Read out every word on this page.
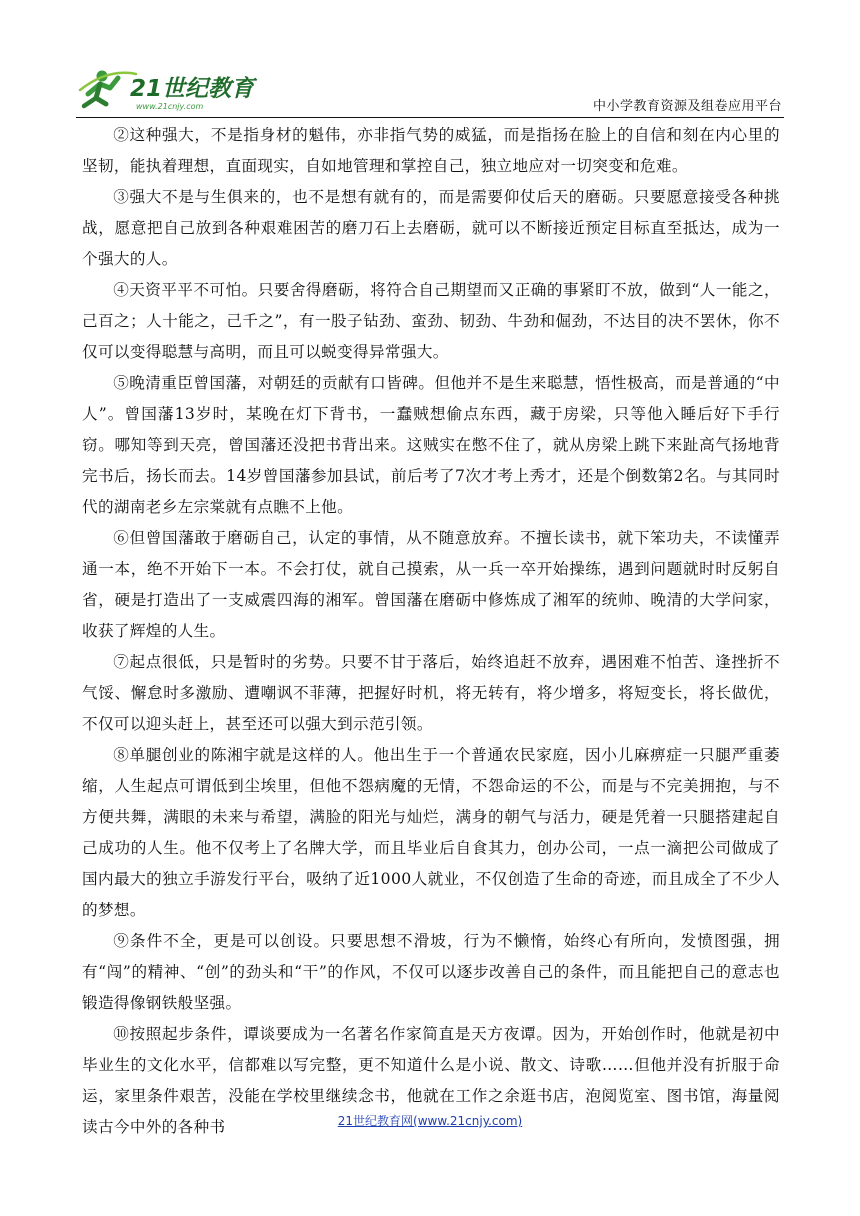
21世纪教育
www.21cnjy.com	中小学教育资源及组卷应用平台

②这种强大，不是指身材的魁伟，亦非指气势的威猛，而是指扬在脸上的自信和刻在内心里的坚韧，能执着理想，直面现实，自如地管理和掌控自己，独立地应对一切突变和危难。

③强大不是与生俱来的，也不是想有就有的，而是需要仰仗后天的磨砺。只要愿意接受各种挑战，愿意把自己放到各种艰难困苦的磨刀石上去磨砺，就可以不断接近预定目标直至抵达，成为一个强大的人。

④天资平平不可怕。只要舍得磨砺，将符合自己期望而又正确的事紧盯不放，做到“人一能之，己百之；人十能之，己千之”，有一股子钻劲、蛮劲、韧劲、牛劲和倔劲，不达目的决不罢休，你不仅可以变得聪慧与高明，而且可以蜕变得异常强大。

⑤晚清重臣曾国藩，对朝廷的贡献有口皆碑。但他并不是生来聪慧，悟性极高，而是普通的“中人”。曾国藩13岁时，某晚在灯下背书，一蠢贼想偷点东西，藏于房梁，只等他入睡后好下手行窃。哪知等到天亮，曾国藩还没把书背出来。这贼实在憋不住了，就从房梁上跳下来趾高气扬地背完书后，扬长而去。14岁曾国藩参加县试，前后考了7次才考上秀才，还是个倒数第2名。与其同时代的湖南老乡左宗棠就有点瞧不上他。

⑥但曾国藩敢于磨砺自己，认定的事情，从不随意放弃。不擅长读书，就下笨功夫，不读懂弄通一本，绝不开始下一本。不会打仗，就自己摸索，从一兵一卒开始操练，遇到问题就时时反躬自省，硬是打造出了一支威震四海的湘军。曾国藩在磨砺中修炼成了湘军的统帅、晚清的大学问家，收获了辉煌的人生。

⑦起点很低，只是暂时的劣势。只要不甘于落后，始终追赶不放弃，遇困难不怕苦、逢挫折不气馁、懈怠时多激励、遭嘲讽不菲薄，把握好时机，将无转有，将少增多，将短变长，将长做优，不仅可以迎头赶上，甚至还可以强大到示范引领。

⑧单腿创业的陈湘宇就是这样的人。他出生于一个普通农民家庭，因小儿麻痹症一只腿严重萎缩，人生起点可谓低到尘埃里，但他不怨病魔的无情，不怨命运的不公，而是与不完美拥抱，与不方便共舞，满眼的未来与希望，满脸的阳光与灿烂，满身的朝气与活力，硬是凭着一只腿搭建起自己成功的人生。他不仅考上了名牌大学，而且毕业后自食其力，创办公司，一点一滴把公司做成了国内最大的独立手游发行平台，吸纳了近1000人就业，不仅创造了生命的奇迹，而且成全了不少人的梦想。

⑨条件不全，更是可以创设。只要思想不滑坡，行为不懒惰，始终心有所向，发愤图强，拥有“闯”的精神、“创”的劲头和“干”的作风，不仅可以逐步改善自己的条件，而且能把自己的意志也锻造得像钢铁般坚强。

⑩按照起步条件，谭谈要成为一名著名作家简直是天方夜谭。因为，开始创作时，他就是初中毕业生的文化水平，信都难以写完整，更不知道什么是小说、散文、诗歌……但他并没有折服于命运，家里条件艰苦，没能在学校里继续念书，他就在工作之余逛书店，泡阅览室、图书馆，海量阅读古今中外的各种书	21世纪教育网(www.21cnjy.com)
